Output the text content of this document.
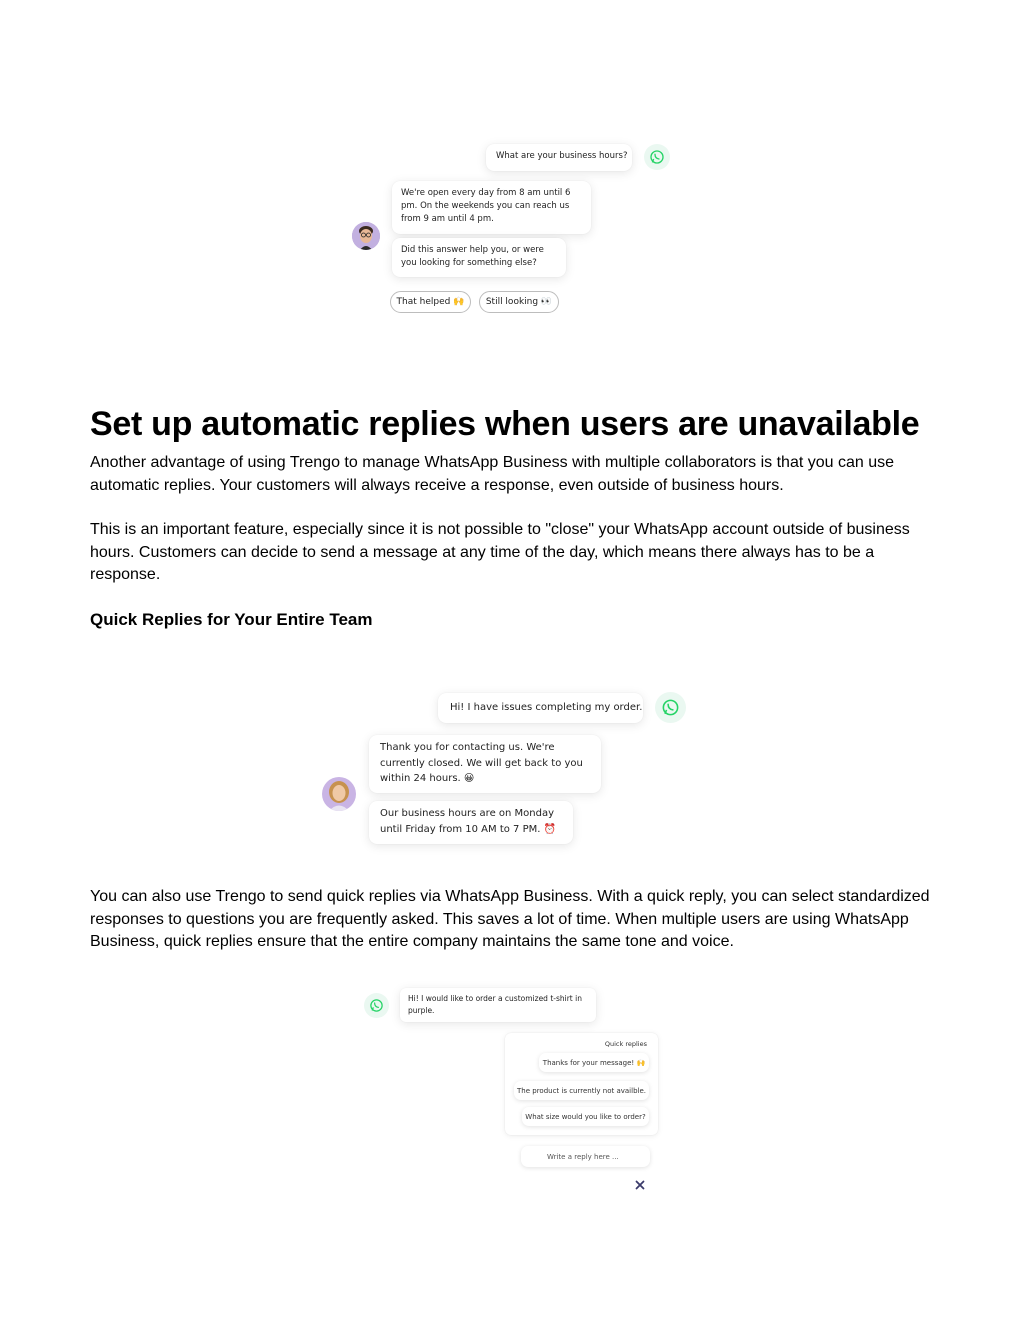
What are your business hours?
We're open every day from 8 am until 6 pm. On the weekends you can reach us from 9 am until 4 pm.
Did this answer help you, or were you looking for something else?
That helped 🙌 Still looking 👀
Set up automatic replies when users are unavailable

Another advantage of using Trengo to manage WhatsApp Business with multiple collaborators is that you can use automatic replies. Your customers will always receive a response, even outside of business hours.

This is an important feature, especially since it is not possible to "close" your WhatsApp account outside of business hours. Customers can decide to send a message at any time of the day, which means there always has to be a response.

Quick Replies for Your Entire Team
Hi! I have issues completing my order.
Thank you for contacting us. We're currently closed. We will get back to you within 24 hours. 😀
Our business hours are on Monday until Friday from 10 AM to 7 PM. ⏰

You can also use Trengo to send quick replies via WhatsApp Business. With a quick reply, you can select standardized responses to questions you are frequently asked. This saves a lot of time. When multiple users are using WhatsApp Business, quick replies ensure that the entire company maintains the same tone and voice.

Hi! I would like to order a customized t-shirt in purple.
Quick replies
Thanks for your message! 🙌
The product is currently not availble.
What size would you like to order?
Write a reply here ...
